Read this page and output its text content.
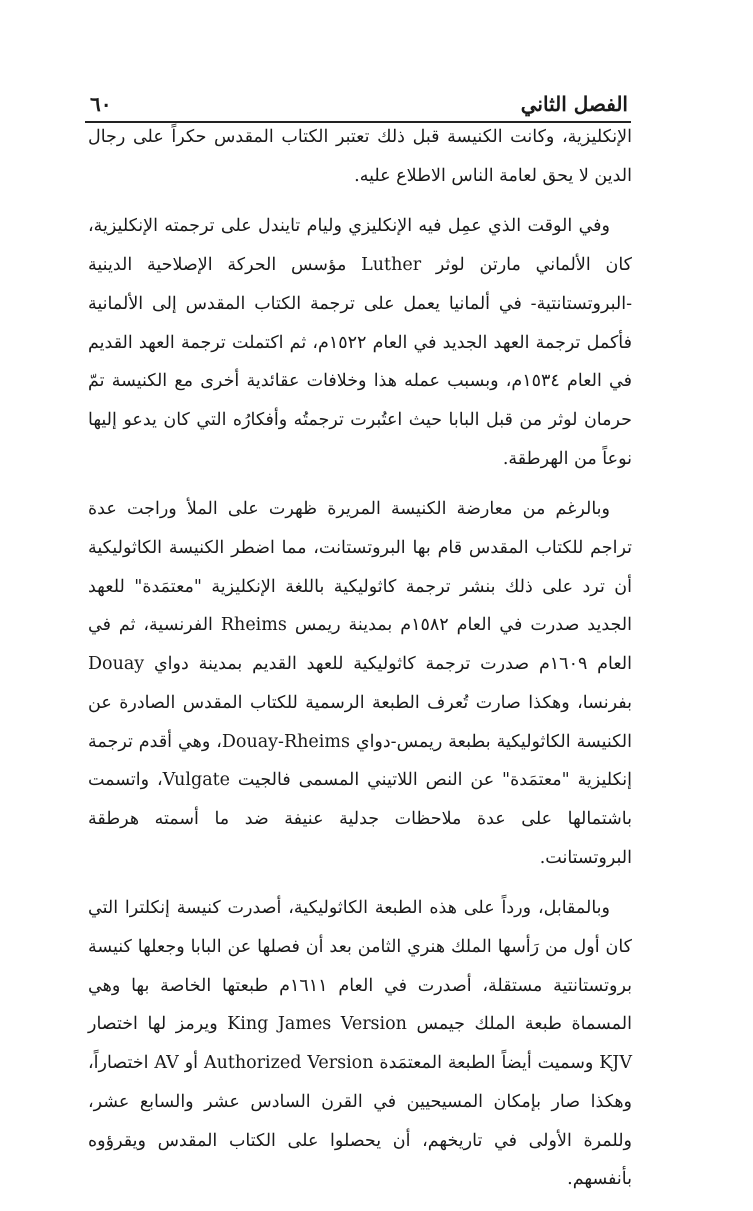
الفصل الثاني
٦٠

الإنكليزية، وكانت الكنيسة قبل ذلك تعتبر الكتاب المقدس حكراً على رجال الدين لا يحق لعامة الناس الاطلاع عليه.

وفي الوقت الذي عمِل فيه الإنكليزي وليام تايندل على ترجمته الإنكليزية، كان الألماني مارتن لوثر Luther مؤسس الحركة الإصلاحية الدينية -البروتستانتية- في ألمانيا يعمل على ترجمة الكتاب المقدس إلى الألمانية فأكمل ترجمة العهد الجديد في العام ١٥٢٢م، ثم اكتملت ترجمة العهد القديم في العام ١٥٣٤م، وبسبب عمله هذا وخلافات عقائدية أخرى مع الكنيسة تمّ حرمان لوثر من قبل البابا حيث اعتُبرت ترجمتُه وأفكارُه التي كان يدعو إليها نوعاً من الهرطقة.

وبالرغم من معارضة الكنيسة المريرة ظهرت على الملأ وراجت عدة تراجم للكتاب المقدس قام بها البروتستانت، مما اضطر الكنيسة الكاثوليكية أن ترد على ذلك بنشر ترجمة كاثوليكية باللغة الإنكليزية "معتمَدة" للعهد الجديد صدرت في العام ١٥٨٢م بمدينة ريمس Rheims الفرنسية، ثم في العام ١٦٠٩م صدرت ترجمة كاثوليكية للعهد القديم بمدينة دواي Douay بفرنسا، وهكذا صارت تُعرف الطبعة الرسمية للكتاب المقدس الصادرة عن الكنيسة الكاثوليكية بطبعة ريمس-دواي Douay-Rheims، وهي أقدم ترجمة إنكليزية "معتمَدة" عن النص اللاتيني المسمى فالجيت Vulgate، واتسمت باشتمالها على عدة ملاحظات جدلية عنيفة ضد ما أسمته هرطقة البروتستانت.

وبالمقابل، ورداً على هذه الطبعة الكاثوليكية، أصدرت كنيسة إنكلترا التي كان أول من رَأسها الملك هنري الثامن بعد أن فصلها عن البابا وجعلها كنيسة بروتستانتية مستقلة، أصدرت في العام ١٦١١م طبعتها الخاصة بها وهي المسماة طبعة الملك جيمس King James Version ويرمز لها اختصار KJV وسميت أيضاً الطبعة المعتمَدة Authorized Version أو AV اختصاراً، وهكذا صار بإمكان المسيحيين في القرن السادس عشر والسابع عشر، وللمرة الأولى في تاريخهم، أن يحصلوا على الكتاب المقدس ويقرؤوه بأنفسهم.
